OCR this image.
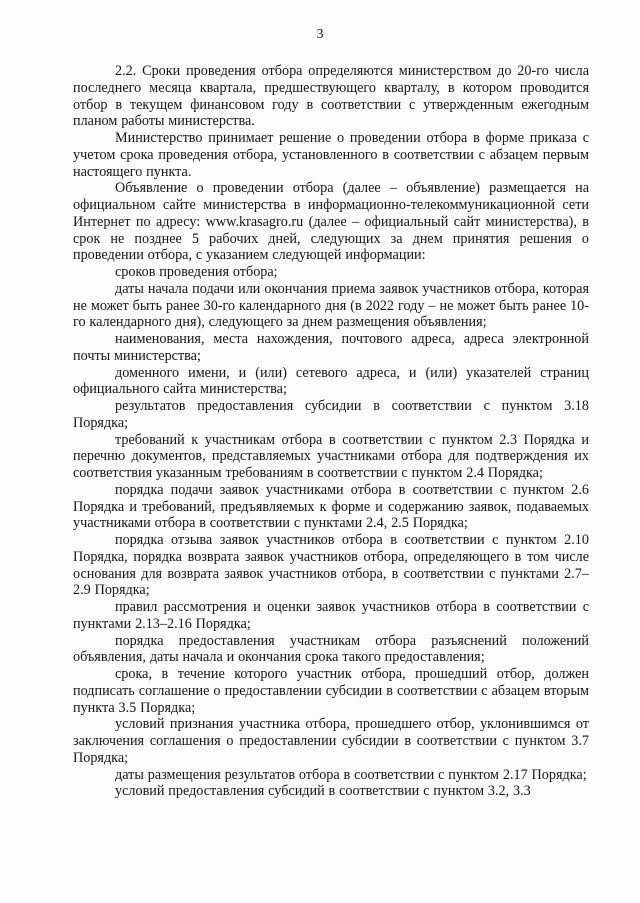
3

2.2. Сроки проведения отбора определяются министерством до 20-го числа последнего месяца квартала, предшествующего кварталу, в котором проводится отбор в текущем финансовом году в соответствии с утвержденным ежегодным планом работы министерства.

Министерство принимает решение о проведении отбора в форме приказа с учетом срока проведения отбора, установленного в соответствии с абзацем первым настоящего пункта.

Объявление о проведении отбора (далее – объявление) размещается на официальном сайте министерства в информационно-телекоммуникационной сети Интернет по адресу: www.krasagro.ru (далее – официальный сайт министерства), в срок не позднее 5 рабочих дней, следующих за днем принятия решения о проведении отбора, с указанием следующей информации:

сроков проведения отбора;

даты начала подачи или окончания приема заявок участников отбора, которая не может быть ранее 30-го календарного дня (в 2022 году – не может быть ранее 10-го календарного дня), следующего за днем размещения объявления;

наименования, места нахождения, почтового адреса, адреса электронной почты министерства;

доменного имени, и (или) сетевого адреса, и (или) указателей страниц официального сайта министерства;

результатов предоставления субсидии в соответствии с пунктом 3.18 Порядка;

требований к участникам отбора в соответствии с пунктом 2.3 Порядка и перечню документов, представляемых участниками отбора для подтверждения их соответствия указанным требованиям в соответствии с пунктом 2.4 Порядка;

порядка подачи заявок участниками отбора в соответствии с пунктом 2.6 Порядка и требований, предъявляемых к форме и содержанию заявок, подаваемых участниками отбора в соответствии с пунктами 2.4, 2.5 Порядка;

порядка отзыва заявок участников отбора в соответствии с пунктом 2.10 Порядка, порядка возврата заявок участников отбора, определяющего в том числе основания для возврата заявок участников отбора, в соответствии с пунктами 2.7–2.9 Порядка;

правил рассмотрения и оценки заявок участников отбора в соответствии с пунктами 2.13–2.16 Порядка;

порядка предоставления участникам отбора разъяснений положений объявления, даты начала и окончания срока такого предоставления;

срока, в течение которого участник отбора, прошедший отбор, должен подписать соглашение о предоставлении субсидии в соответствии с абзацем вторым пункта 3.5 Порядка;

условий признания участника отбора, прошедшего отбор, уклонившимся от заключения соглашения о предоставлении субсидии в соответствии с пунктом 3.7 Порядка;

даты размещения результатов отбора в соответствии с пунктом 2.17 Порядка;

условий предоставления субсидий в соответствии с пунктом 3.2, 3.3
